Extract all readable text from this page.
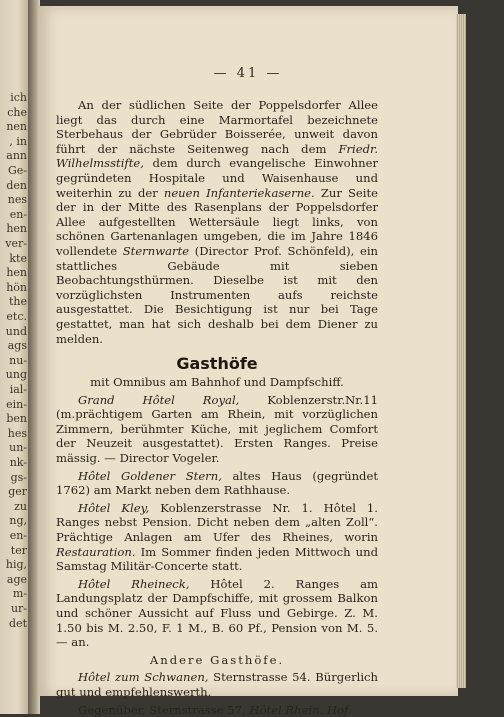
ich
che
nen
, in
ann
Ge-
den
nes
en-
hen
ver-
kte
hen
hön
the
etc.
und
ags
nu-
ung
ial-
ein-
ben
hes
un-
nk-
gs-
ger
zu
ng,
en-
ter
hig,
age
m-
ur-
det
— 41 —

An der südlichen Seite der Poppelsdorfer Allee liegt das durch eine Marmortafel bezeichnete Sterbehaus der Gebrüder Boisserée, unweit davon führt der nächste Seitenweg nach dem Friedr. Wilhelmsstifte, dem durch evangelische Einwohner gegründeten Hospitale und Waisenhause und weiterhin zu der neuen Infanteriekaserne. Zur Seite der in der Mitte des Rasenplans der Poppelsdorfer Allee aufgestellten Wettersäule liegt links, von schönen Gartenanlagen umgeben, die im Jahre 1846 vollendete Sternwarte (Director Prof. Schönfeld), ein stattliches Gebäude mit sieben Beobachtungsthürmen. Dieselbe ist mit den vorzüglichsten Instrumenten aufs reichste ausgestattet. Die Besichtigung ist nur bei Tage gestattet, man hat sich deshalb bei dem Diener zu melden.

Gasthöfe

mit Omnibus am Bahnhof und Dampfschiff.

Grand Hôtel Royal, Koblenzerstr.Nr.11 (m.prächtigem Garten am Rhein, mit vorzüglichen Zimmern, berühmter Küche, mit jeglichem Comfort der Neuzeit ausgestattet). Ersten Ranges. Preise mässig. — Director Vogeler.

Hôtel Goldener Stern, altes Haus (gegründet 1762) am Markt neben dem Rathhause.

Hôtel Kley, Koblenzerstrasse Nr. 1. Hôtel 1. Ranges nebst Pension. Dicht neben dem „alten Zoll“. Prächtige Anlagen am Ufer des Rheines, worin Restauration. Im Sommer finden jeden Mittwoch und Samstag Militär-Concerte statt.

Hôtel Rheineck, Hôtel 2. Ranges am Landungsplatz der Dampfschiffe, mit grossem Balkon und schöner Aussicht auf Fluss und Gebirge. Z. M. 1.50 bis M. 2.50, F. 1 M., B. 60 Pf., Pension von M. 5.— an.

Andere Gasthöfe.

Hôtel zum Schwanen, Sternstrasse 54. Bürgerlich gut und empfehlenswerth.

Gegenüber, Sternstrasse 57, Hôtel Rhein. Hof.
